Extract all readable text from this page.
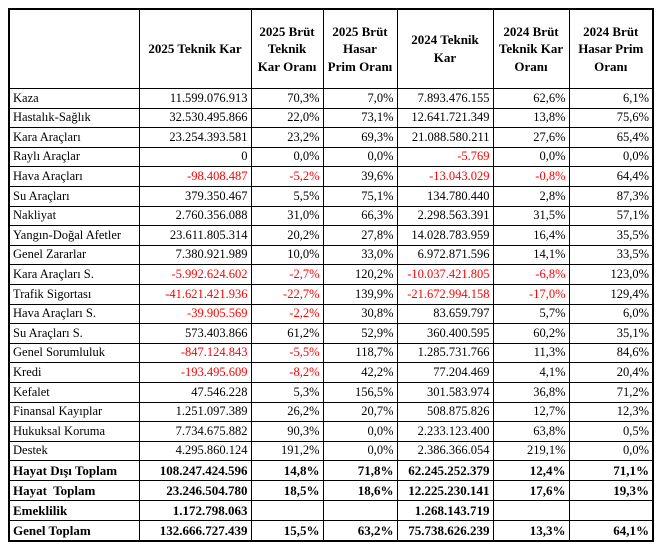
	2025 Teknik Kar	2025 Brüt Teknik Kar Oranı	2025 Brüt Hasar Prim Oranı	2024 Teknik Kar	2024 Brüt Teknik Kar Oranı	2024 Brüt Hasar Prim Oranı
Kaza	11.599.076.913	70,3%	7,0%	7.893.476.155	62,6%	6,1%
Hastalık-Sağlık	32.530.495.866	22,0%	73,1%	12.641.721.349	13,8%	75,6%
Kara Araçları	23.254.393.581	23,2%	69,3%	21.088.580.211	27,6%	65,4%
Raylı Araçlar	0	0,0%	0,0%	-5.769	0,0%	0,0%
Hava Araçları	-98.408.487	-5,2%	39,6%	-13.043.029	-0,8%	64,4%
Su Araçları	379.350.467	5,5%	75,1%	134.780.440	2,8%	87,3%
Nakliyat	2.760.356.088	31,0%	66,3%	2.298.563.391	31,5%	57,1%
Yangın-Doğal Afetler	23.611.805.314	20,2%	27,8%	14.028.783.959	16,4%	35,5%
Genel Zararlar	7.380.921.989	10,0%	33,0%	6.972.871.596	14,1%	33,5%
Kara Araçları S.	-5.992.624.602	-2,7%	120,2%	-10.037.421.805	-6,8%	123,0%
Trafik Sigortası	-41.621.421.936	-22,7%	139,9%	-21.672.994.158	-17,0%	129,4%
Hava Araçları S.	-39.905.569	-2,2%	30,8%	83.659.797	5,7%	6,0%
Su Araçları S.	573.403.866	61,2%	52,9%	360.400.595	60,2%	35,1%
Genel Sorumluluk	-847.124.843	-5,5%	118,7%	1.285.731.766	11,3%	84,6%
Kredi	-193.495.609	-8,2%	42,2%	77.204.469	4,1%	20,4%
Kefalet	47.546.228	5,3%	156,5%	301.583.974	36,8%	71,2%
Finansal Kayıplar	1.251.097.389	26,2%	20,7%	508.875.826	12,7%	12,3%
Hukuksal Koruma	7.734.675.882	90,3%	0,0%	2.233.123.400	63,8%	0,5%
Destek	4.295.860.124	191,2%	0,0%	2.386.366.054	219,1%	0,0%
Hayat Dışı Toplam	108.247.424.596	14,8%	71,8%	62.245.252.379	12,4%	71,1%
Hayat  Toplam	23.246.504.780	18,5%	18,6%	12.225.230.141	17,6%	19,3%
Emeklilik	1.172.798.063			1.268.143.719		
Genel Toplam	132.666.727.439	15,5%	63,2%	75.738.626.239	13,3%	64,1%
